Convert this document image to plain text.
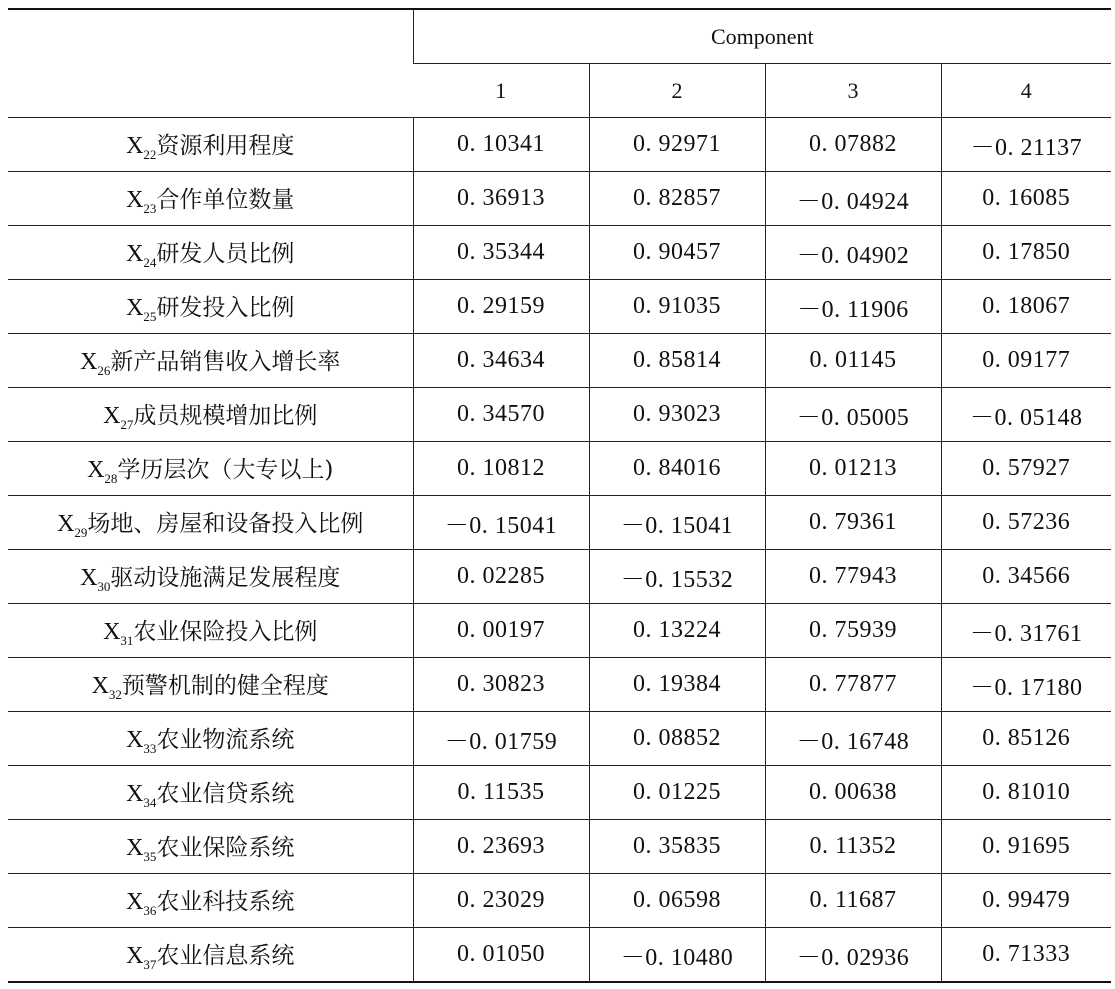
	Component			
	1	2	3	4
$X_{22}$资源利用程度	0. 10341	0. 92971	0. 07882	－0. 21137
$X_{23}$合作单位数量	0. 36913	0. 82857	－0. 04924	0. 16085
$X_{24}$研发人员比例	0. 35344	0. 90457	－0. 04902	0. 17850
$X_{25}$研发投入比例	0. 29159	0. 91035	－0. 11906	0. 18067
$X_{26}$新产品销售收入增长率	0. 34634	0. 85814	0. 01145	0. 09177
$X_{27}$成员规模增加比例	0. 34570	0. 93023	－0. 05005	－0. 05148
$X_{28}$学历层次（大专以上)	0. 10812	0. 84016	0. 01213	0. 57927
$X_{29}$场地、房屋和设备投入比例	－0. 15041	－0. 15041	0. 79361	0. 57236
$X_{30}$驱动设施满足发展程度	0. 02285	－0. 15532	0. 77943	0. 34566
$X_{31}$农业保险投入比例	0. 00197	0. 13224	0. 75939	－0. 31761
$X_{32}$预警机制的健全程度	0. 30823	0. 19384	0. 77877	－0. 17180
$X_{33}$农业物流系统	－0. 01759	0. 08852	－0. 16748	0. 85126
$X_{34}$农业信贷系统	0. 11535	0. 01225	0. 00638	0. 81010
$X_{35}$农业保险系统	0. 23693	0. 35835	0. 11352	0. 91695
$X_{36}$农业科技系统	0. 23029	0. 06598	0. 11687	0. 99479
$X_{37}$农业信息系统	0. 01050	－0. 10480	－0. 02936	0. 71333
